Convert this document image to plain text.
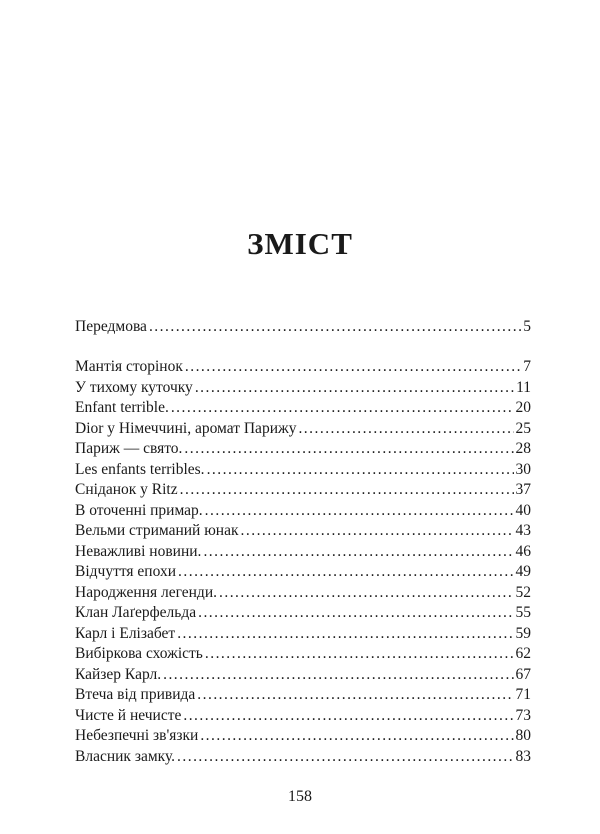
ЗМІСТ
Передмова . . .	5
Мантія сторінок . . .	7
У тихому куточку . . .	11
Enfant terrible. . . .	20
Dior у Німеччині, аромат Парижу . . .	25
Париж — свято. . . .	28
Les enfants terribles. . . .	30
Сніданок у Ritz . . .	37
В оточенні примар. . . .	40
Вельми стриманий юнак . . .	43
Неважливі новини. . . .	46
Відчуття епохи . . .	49
Народження легенди. . . .	52
Клан Лаґерфельда . . .	55
Карл і Елізабет . . .	59
Вибіркова схожість . . .	62
Кайзер Карл. . . .	67
Втеча від привида . . .	71
Чисте й нечисте . . .	73
Небезпечні зв'язки . . .	80
Власник замку. . . .	83
158
